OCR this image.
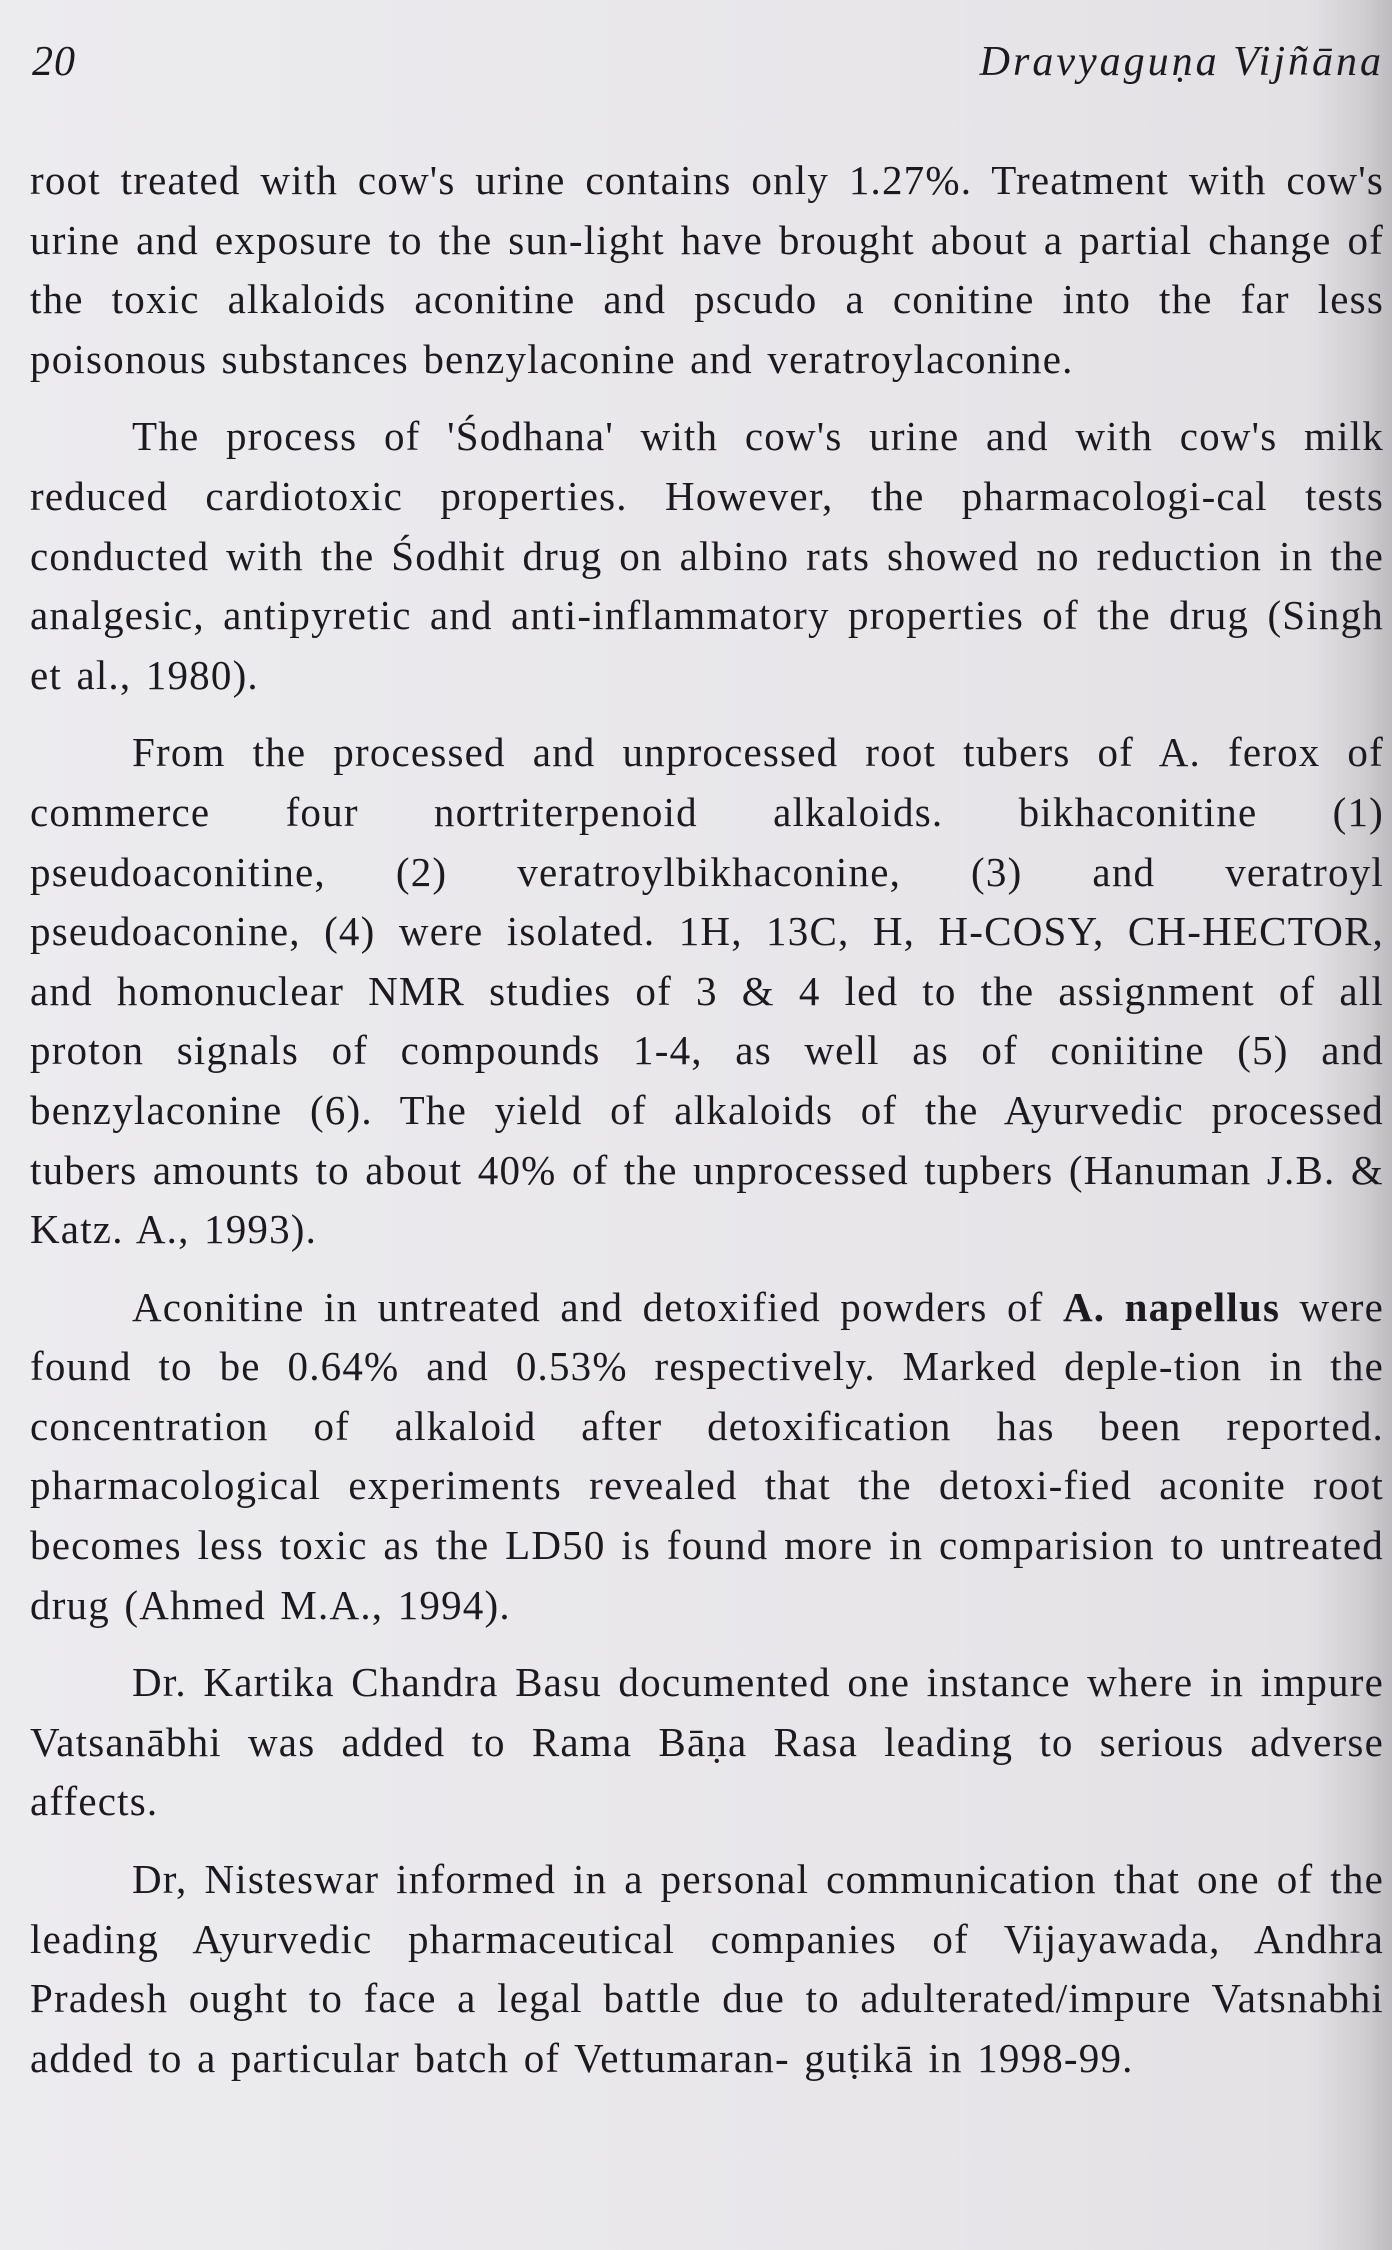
20	Dravyaguṇa Vijñāna

root treated with cow's urine contains only 1.27%. Treatment with cow's urine and exposure to the sun-light have brought about a partial change of the toxic alkaloids aconitine and pscudo a conitine into the far less poisonous substances benzylaconine and veratroylaconine.

The process of 'Śodhana' with cow's urine and with cow's milk reduced cardiotoxic properties. However, the pharmacologi-cal tests conducted with the Śodhit drug on albino rats showed no reduction in the analgesic, antipyretic and anti-inflammatory properties of the drug (Singh et al., 1980).

From the processed and unprocessed root tubers of A. ferox of commerce four nortriterpenoid alkaloids. bikhaconitine (1) pseudoaconitine, (2) veratroylbikhaconine, (3) and veratroyl pseudoaconine, (4) were isolated. 1H, 13C, H, H-COSY, CH-HECTOR, and homonuclear NMR studies of 3 & 4 led to the assignment of all proton signals of compounds 1-4, as well as of coniitine (5) and benzylaconine (6). The yield of alkaloids of the Ayurvedic processed tubers amounts to about 40% of the unprocessed tupbers (Hanuman J.B. & Katz. A., 1993).

Aconitine in untreated and detoxified powders of A. napellus were found to be 0.64% and 0.53% respectively. Marked deple-tion in the concentration of alkaloid after detoxification has been reported. pharmacological experiments revealed that the detoxi-fied aconite root becomes less toxic as the LD50 is found more in comparision to untreated drug (Ahmed M.A., 1994).

Dr. Kartika Chandra Basu documented one instance where in impure Vatsanābhi was added to Rama Bāṇa Rasa leading to serious adverse affects.

Dr, Nisteswar informed in a personal communication that one of the leading Ayurvedic pharmaceutical companies of Vijayawada, Andhra Pradesh ought to face a legal battle due to adulterated/impure Vatsnabhi added to a particular batch of Vettumaran- guṭikā in 1998-99.
